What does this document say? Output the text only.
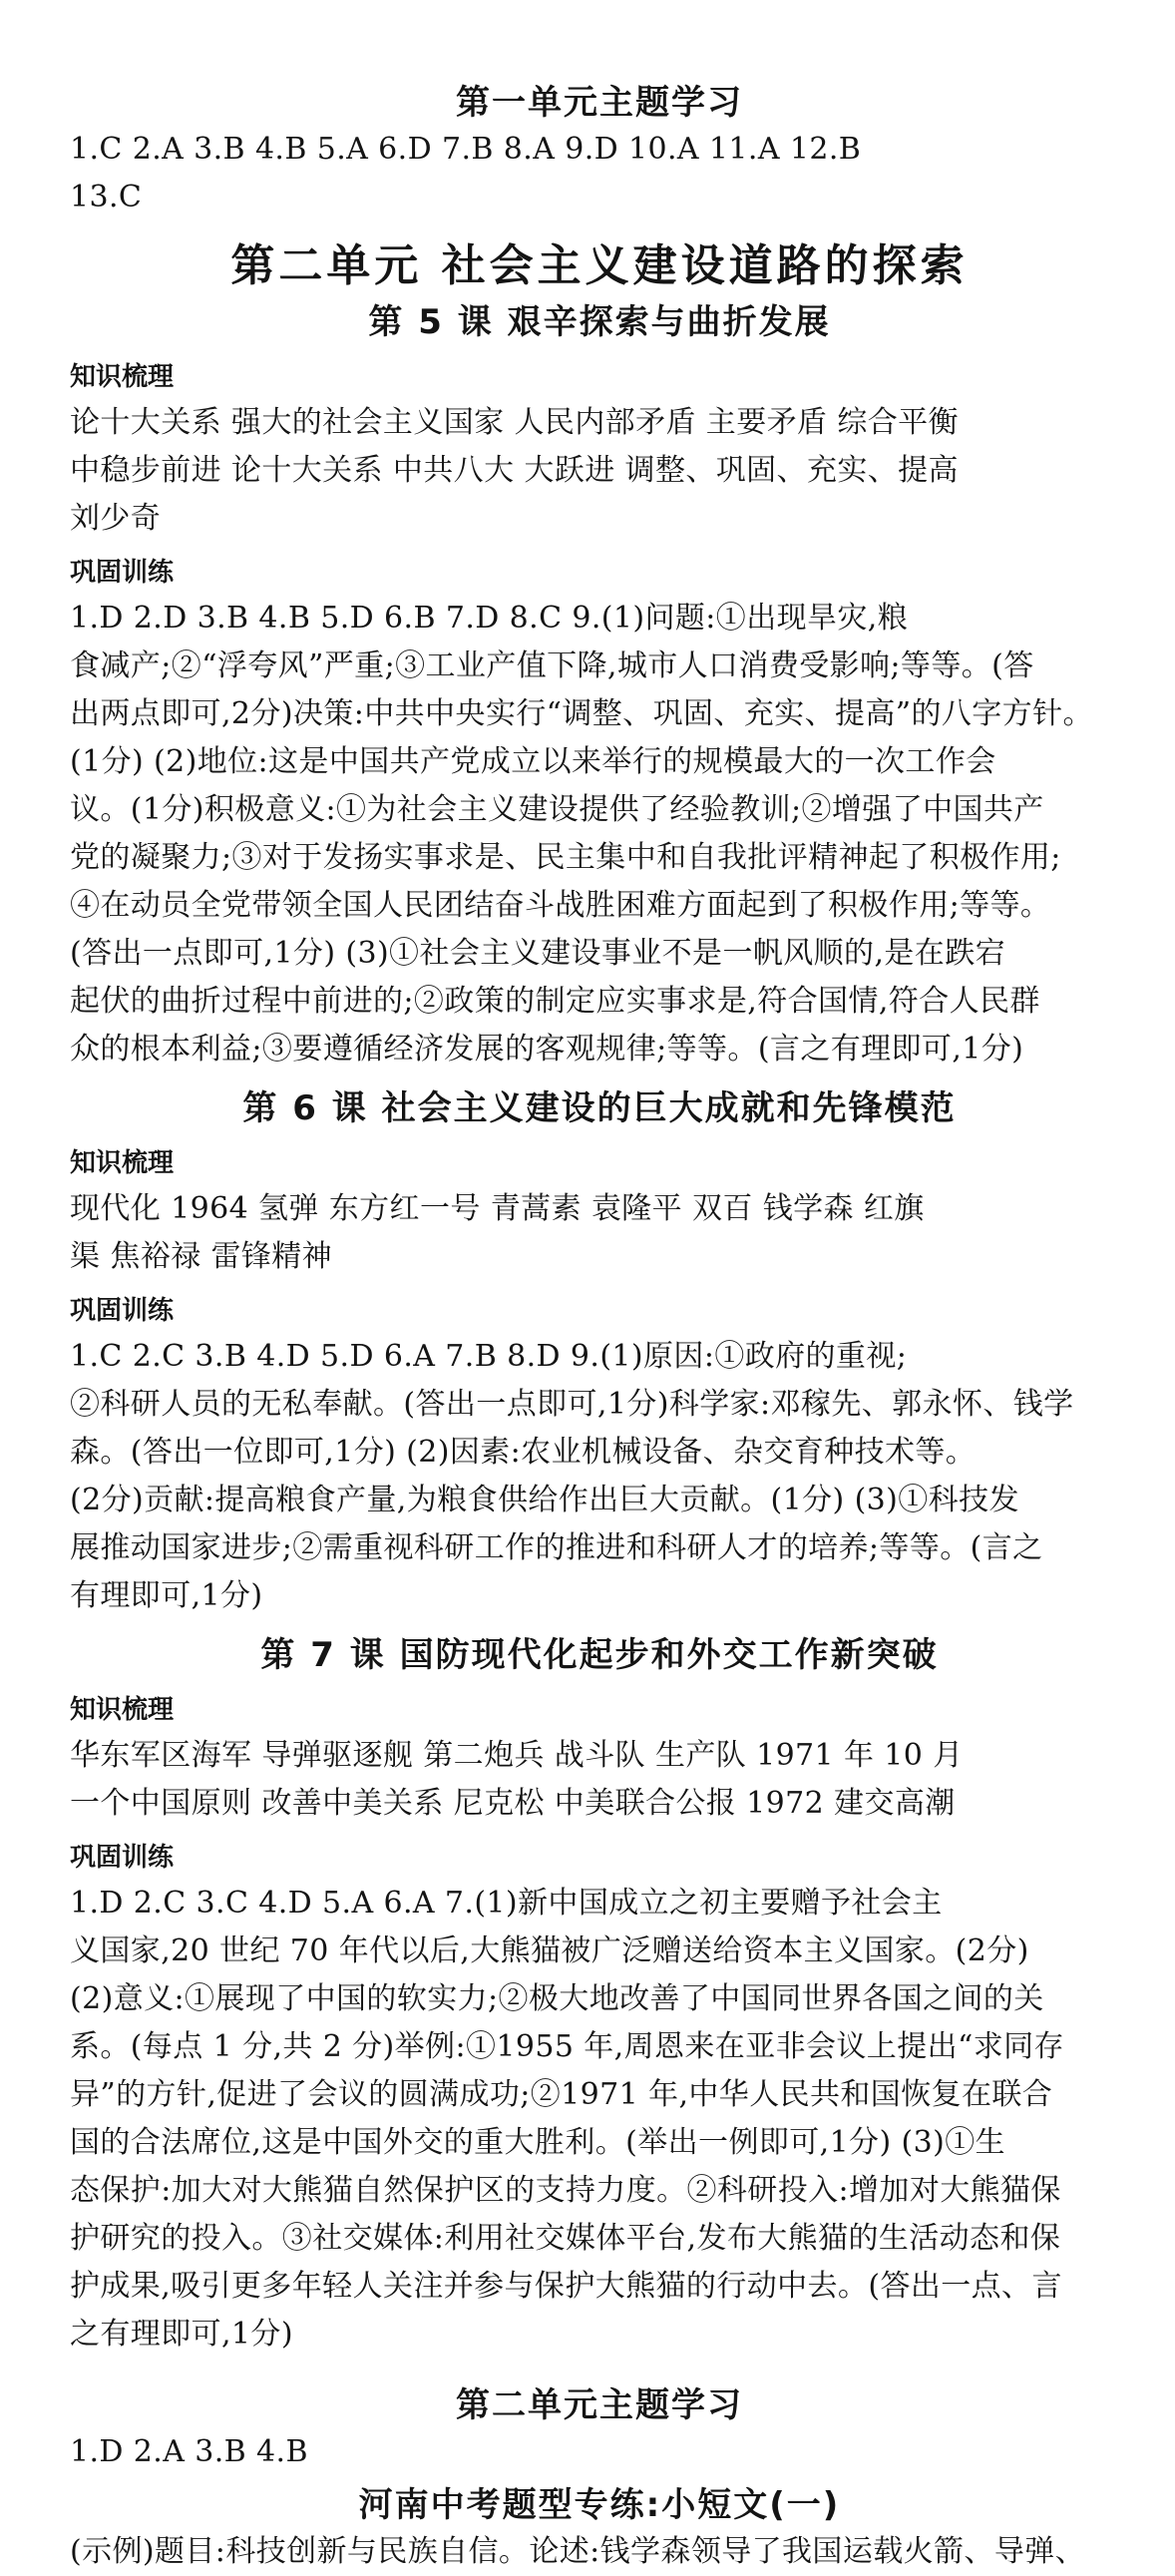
第一单元主题学习
1.C 2.A 3.B 4.B 5.A 6.D 7.B 8.A 9.D 10.A 11.A 12.B
13.C
第二单元 社会主义建设道路的探索
第 5 课 艰辛探索与曲折发展
知识梳理
论十大关系 强大的社会主义国家 人民内部矛盾 主要矛盾 综合平衡
中稳步前进 论十大关系 中共八大 大跃进 调整、巩固、充实、提高
刘少奇
巩固训练
1.D 2.D 3.B 4.B 5.D 6.B 7.D 8.C 9.(1)问题:①出现旱灾,粮
食减产;②“浮夸风”严重;③工业产值下降,城市人口消费受影响;等等。(答
出两点即可,2分)决策:中共中央实行“调整、巩固、充实、提高”的八字方针。
(1分) (2)地位:这是中国共产党成立以来举行的规模最大的一次工作会
议。(1分)积极意义:①为社会主义建设提供了经验教训;②增强了中国共产
党的凝聚力;③对于发扬实事求是、民主集中和自我批评精神起了积极作用;
④在动员全党带领全国人民团结奋斗战胜困难方面起到了积极作用;等等。
(答出一点即可,1分) (3)①社会主义建设事业不是一帆风顺的,是在跌宕
起伏的曲折过程中前进的;②政策的制定应实事求是,符合国情,符合人民群
众的根本利益;③要遵循经济发展的客观规律;等等。(言之有理即可,1分)
第 6 课 社会主义建设的巨大成就和先锋模范
知识梳理
现代化 1964 氢弹 东方红一号 青蒿素 袁隆平 双百 钱学森 红旗
渠 焦裕禄 雷锋精神
巩固训练
1.C 2.C 3.B 4.D 5.D 6.A 7.B 8.D 9.(1)原因:①政府的重视;
②科研人员的无私奉献。(答出一点即可,1分)科学家:邓稼先、郭永怀、钱学
森。(答出一位即可,1分) (2)因素:农业机械设备、杂交育种技术等。
(2分)贡献:提高粮食产量,为粮食供给作出巨大贡献。(1分) (3)①科技发
展推动国家进步;②需重视科研工作的推进和科研人才的培养;等等。(言之
有理即可,1分)
第 7 课 国防现代化起步和外交工作新突破
知识梳理
华东军区海军 导弹驱逐舰 第二炮兵 战斗队 生产队 1971 年 10 月
一个中国原则 改善中美关系 尼克松 中美联合公报 1972 建交高潮
巩固训练
1.D 2.C 3.C 4.D 5.A 6.A 7.(1)新中国成立之初主要赠予社会主
义国家,20 世纪 70 年代以后,大熊猫被广泛赠送给资本主义国家。(2分)
(2)意义:①展现了中国的软实力;②极大地改善了中国同世界各国之间的关
系。(每点 1 分,共 2 分)举例:①1955 年,周恩来在亚非会议上提出“求同存
异”的方针,促进了会议的圆满成功;②1971 年,中华人民共和国恢复在联合
国的合法席位,这是中国外交的重大胜利。(举出一例即可,1分) (3)①生
态保护:加大对大熊猫自然保护区的支持力度。②科研投入:增加对大熊猫保
护研究的投入。③社交媒体:利用社交媒体平台,发布大熊猫的生活动态和保
护成果,吸引更多年轻人关注并参与保护大熊猫的行动中去。(答出一点、言
之有理即可,1分)
第二单元主题学习
1.D 2.A 3.B 4.B
河南中考题型专练:小短文(一)
(示例)题目:科技创新与民族自信。论述:钱学森领导了我国运载火箭、导弹、
